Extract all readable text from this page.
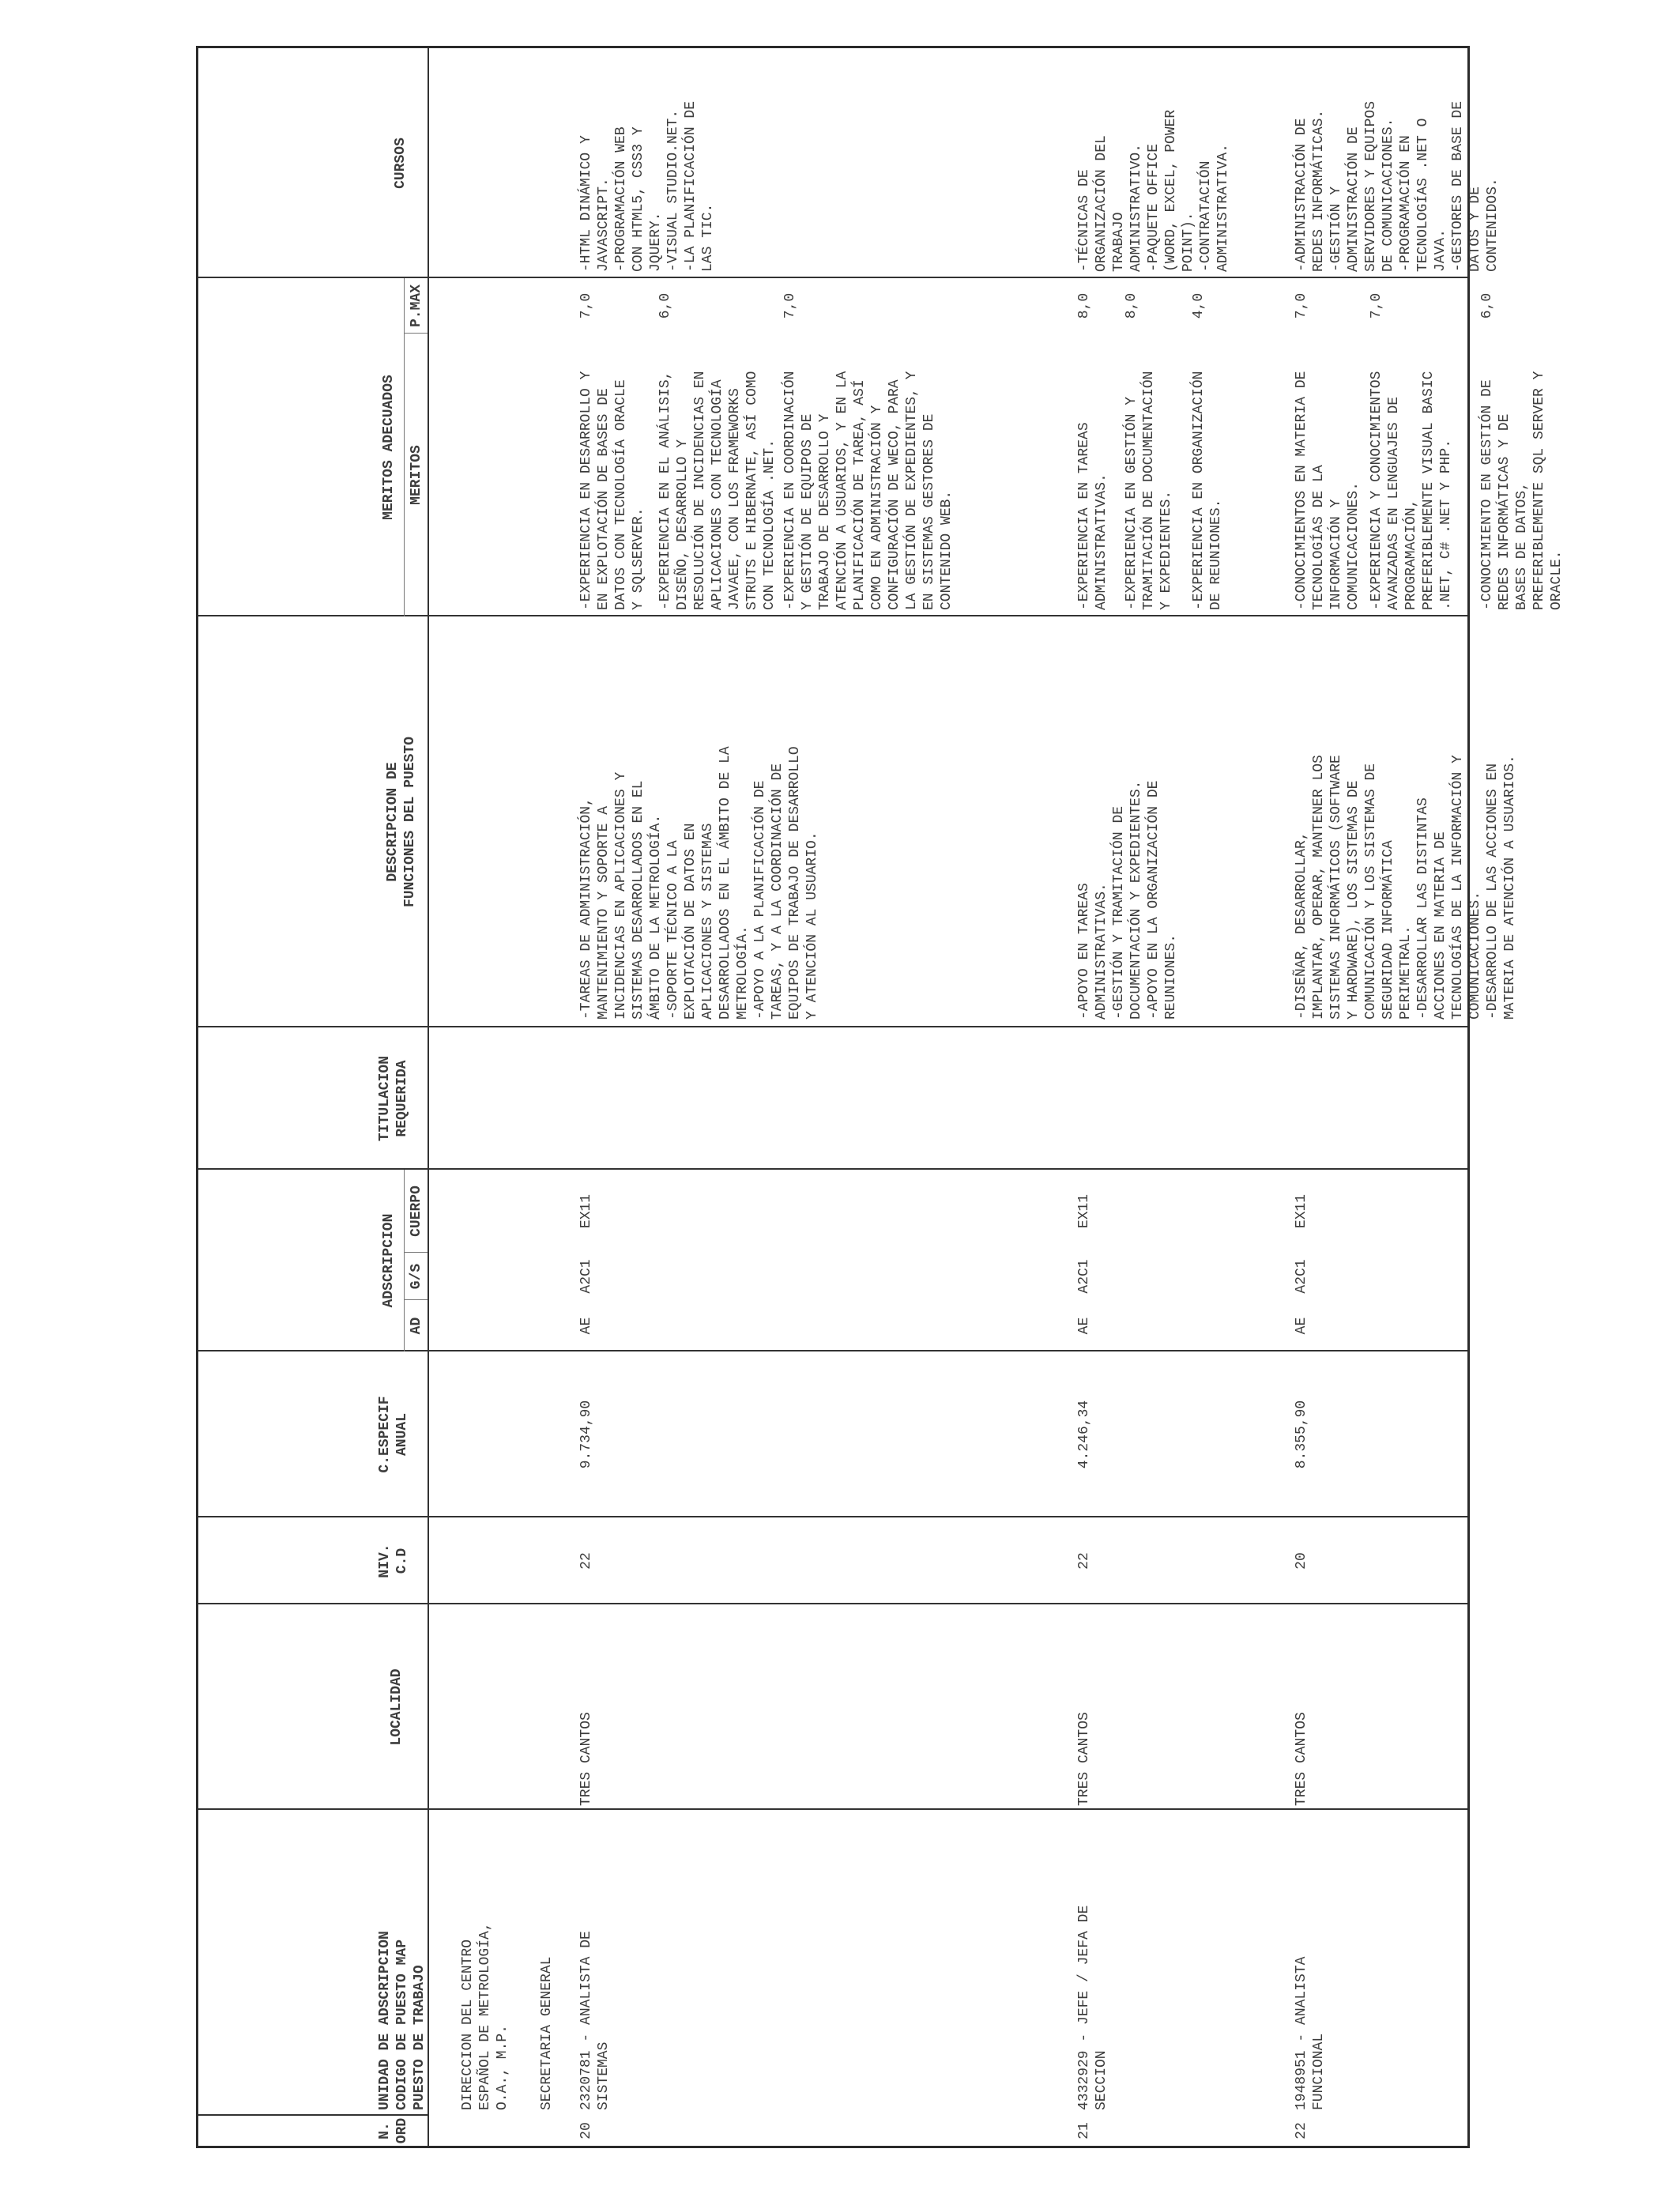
N.
ORD
UNIDAD DE ADSCRIPCION
CODIGO DE PUESTO MAP
PUESTO DE TRABAJO
LOCALIDAD
NIV.
C.D
C.ESPECIF
ANUAL
ADSCRIPCION
AD
G/S
CUERPO
TITULACION
REQUERIDA
DESCRIPCION DE
FUNCIONES DEL PUESTO
MERITOS ADECUADOS MERITOS
P.MAX
CURSOS
DIRECCION DEL CENTRO
ESPAÑOL DE METROLOGÍA,
O.A., M.P. SECRETARIA GENERAL
20
2320781 - ANALISTA DE
SISTEMAS
TRES CANTOS
22
9.734,90
AE
A2C1
EX11
-TAREAS DE ADMINISTRACIÓN,
MANTENIMIENTO Y SOPORTE A
INCIDENCIAS EN APLICACIONES Y
SISTEMAS DESARROLLADOS EN EL
ÁMBITO DE LA METROLOGÍA.
-SOPORTE TÉCNICO A LA
EXPLOTACIÓN DE DATOS EN
APLICACIONES Y SISTEMAS
DESARROLLADOS EN EL ÁMBITO DE LA
METROLOGÍA.
-APOYO A LA PLANIFICACIÓN DE
TAREAS, Y A LA COORDINACIÓN DE
EQUIPOS DE TRABAJO DE DESARROLLO
Y ATENCIÓN AL USUARIO.
-EXPERIENCIA EN DESARROLLO Y
EN EXPLOTACIÓN DE BASES DE
DATOS CON TECNOLOGÍA ORACLE
Y SQLSERVER.
7,0
-EXPERIENCIA EN EL ANÁLISIS,
DISEÑO, DESARROLLO Y
RESOLUCIÓN DE INCIDENCIAS EN
APLICACIONES CON TECNOLOGÍA
JAVAEE, CON LOS FRAMEWORKS
STRUTS E HIBERNATE, ASÍ COMO
CON TECNOLOGÍA .NET.
6,0
-EXPERIENCIA EN COORDINACIÓN
Y GESTIÓN DE EQUIPOS DE
TRABAJO DE DESARROLLO Y
ATENCIÓN A USUARIOS, Y EN LA
PLANIFICACIÓN DE TAREA, ASÍ
COMO EN ADMINISTRACIÓN Y
CONFIGURACIÓN DE WECO, PARA
LA GESTIÓN DE EXPEDIENTES, Y
EN SISTEMAS GESTORES DE
CONTENIDO WEB.
7,0
-HTML DINÁMICO Y
JAVASCRIPT.
-PROGRAMACIÓN WEB
CON HTML5, CSS3 Y
JQUERY.
-VISUAL STUDIO.NET.
-LA PLANIFICACIÓN DE
LAS TIC.
21
4332929 - JEFE / JEFA DE
SECCION
TRES CANTOS
22
4.246,34
AE
A2C1
EX11
-APOYO EN TAREAS
ADMINISTRATIVAS.
-GESTIÓN Y TRAMITACIÓN DE
DOCUMENTACIÓN Y EXPEDIENTES.
-APOYO EN LA ORGANIZACIÓN DE
REUNIONES.
-EXPERIENCIA EN TAREAS
ADMINISTRATIVAS.
8,0
-EXPERIENCIA EN GESTIÓN Y
TRAMITACIÓN DE DOCUMENTACIÓN
Y EXPEDIENTES.
8,0
-EXPERIENCIA EN ORGANIZACIÓN
DE REUNIONES.
4,0
-TÉCNICAS DE
ORGANIZACIÓN DEL
TRABAJO
ADMINISTRATIVO.
-PAQUETE OFFICE
(WORD, EXCEL, POWER
POINT).
-CONTRATACIÓN
ADMINISTRATIVA.
22
1948951 - ANALISTA
FUNCIONAL
TRES CANTOS
20
8.355,90
AE
A2C1
EX11
-DISEÑAR, DESARROLLAR,
IMPLANTAR, OPERAR, MANTENER LOS
SISTEMAS INFORMÁTICOS (SOFTWARE
Y HARDWARE), LOS SISTEMAS DE
COMUNICACIÓN Y LOS SISTEMAS DE
SEGURIDAD INFORMÁTICA
PERIMETRAL.
-DESARROLLAR LAS DISTINTAS
ACCIONES EN MATERIA DE
TECNOLOGÍAS DE LA INFORMACIÓN Y
COMUNICACIONES.
-DESARROLLO DE LAS ACCIONES EN
MATERIA DE ATENCIÓN A USUARIOS.
-CONOCIMIENTOS EN MATERIA DE
TECNOLOGÍAS DE LA
INFORMACIÓN Y
COMUNICACIONES.
7,0
-EXPERIENCIA Y CONOCIMIENTOS
AVANZADAS EN LENGUAJES DE
PROGRAMACIÓN,
PREFERIBLEMENTE VISUAL BASIC
.NET, C# .NET Y PHP.
7,0
-CONOCIMIENTO EN GESTIÓN DE
REDES INFORMÁTICAS Y DE
BASES DE DATOS,
PREFERIBLEMENTE SQL SERVER Y
ORACLE.
6,0
-ADMINISTRACIÓN DE
REDES INFORMÁTICAS.
-GESTIÓN Y
ADMINISTRACIÓN DE
SERVIDORES Y EQUIPOS
DE COMUNICACIONES.
-PROGRAMACIÓN EN
TECNOLOGÍAS .NET O
JAVA.
-GESTORES DE BASE DE
DATOS Y DE
CONTENIDOS.
